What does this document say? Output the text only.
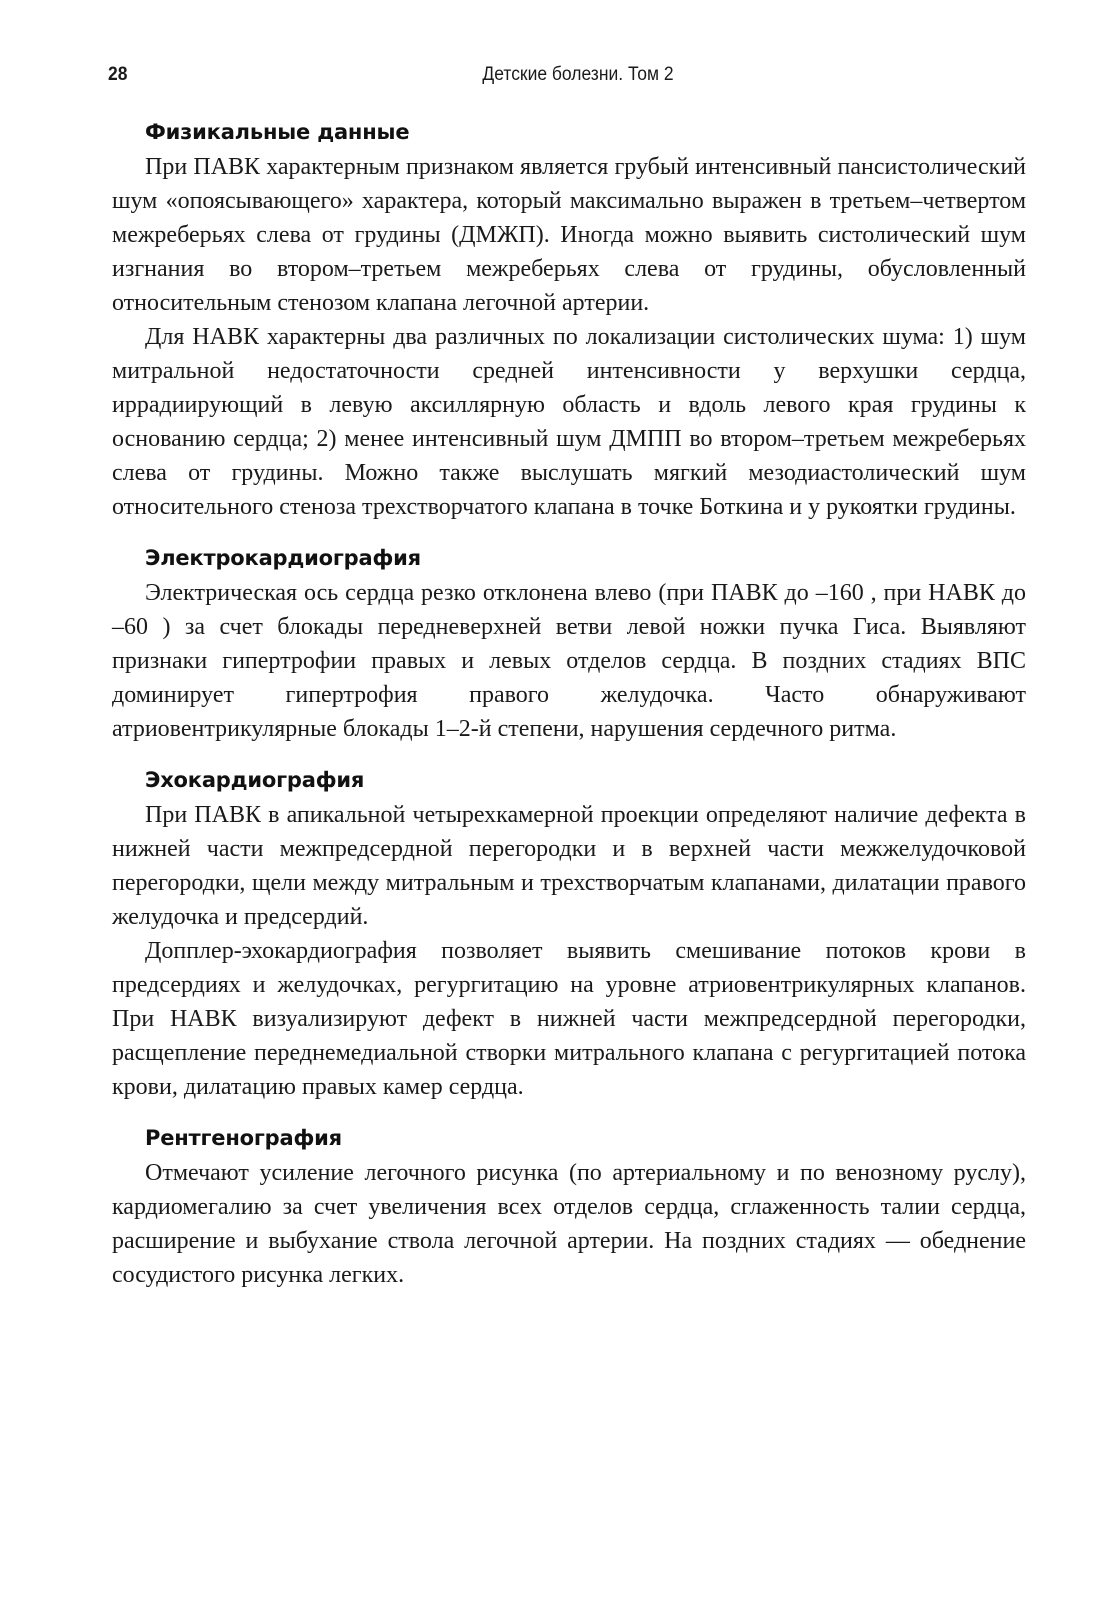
28	Детские болезни. Том 2
Физикальные данные

При ПАВК характерным признаком является грубый интенсивный пансистолический шум «опоясывающего» характера, который максимально выражен в третьем–четвертом межреберьях слева от грудины (ДМЖП). Иногда можно выявить систолический шум изгнания во втором–третьем межреберьях слева от грудины, обусловленный относительным стенозом клапана легочной артерии.

Для НАВК характерны два различных по локализации систолических шума: 1) шум митральной недостаточности средней интенсивности у верхушки сердца, иррадиирующий в левую аксиллярную область и вдоль левого края грудины к основанию сердца; 2) менее интенсивный шум ДМПП во втором–третьем межреберьях слева от грудины. Можно также выслушать мягкий мезодиастолический шум относительного стеноза трехстворчатого клапана в точке Боткина и у рукоятки грудины.

Электрокардиография

Электрическая ось сердца резко отклонена влево (при ПАВК до –160 , при НАВК до –60 ) за счет блокады передневерхней ветви левой ножки пучка Гиса. Выявляют признаки гипертрофии правых и левых отделов сердца. В поздних стадиях ВПС доминирует гипертрофия правого желудочка. Часто обнаруживают атриовентрикулярные блокады 1–2-й степени, нарушения сердечного ритма.

Эхокардиография

При ПАВК в апикальной четырехкамерной проекции определяют наличие дефекта в нижней части межпредсердной перегородки и в верхней части межжелудочковой перегородки, щели между митральным и трехстворчатым клапанами, дилатации правого желудочка и предсердий.

Допплер-эхокардиография позволяет выявить смешивание потоков крови в предсердиях и желудочках, регургитацию на уровне атриовентрикулярных клапанов. При НАВК визуализируют дефект в нижней части межпредсердной перегородки, расщепление переднемедиальной створки митрального клапана с регургитацией потока крови, дилатацию правых камер сердца.

Рентгенография

Отмечают усиление легочного рисунка (по артериальному и по венозному руслу), кардиомегалию за счет увеличения всех отделов сердца, сглаженность талии сердца, расширение и выбухание ствола легочной артерии. На поздних стадиях — обеднение сосудистого рисунка легких.
